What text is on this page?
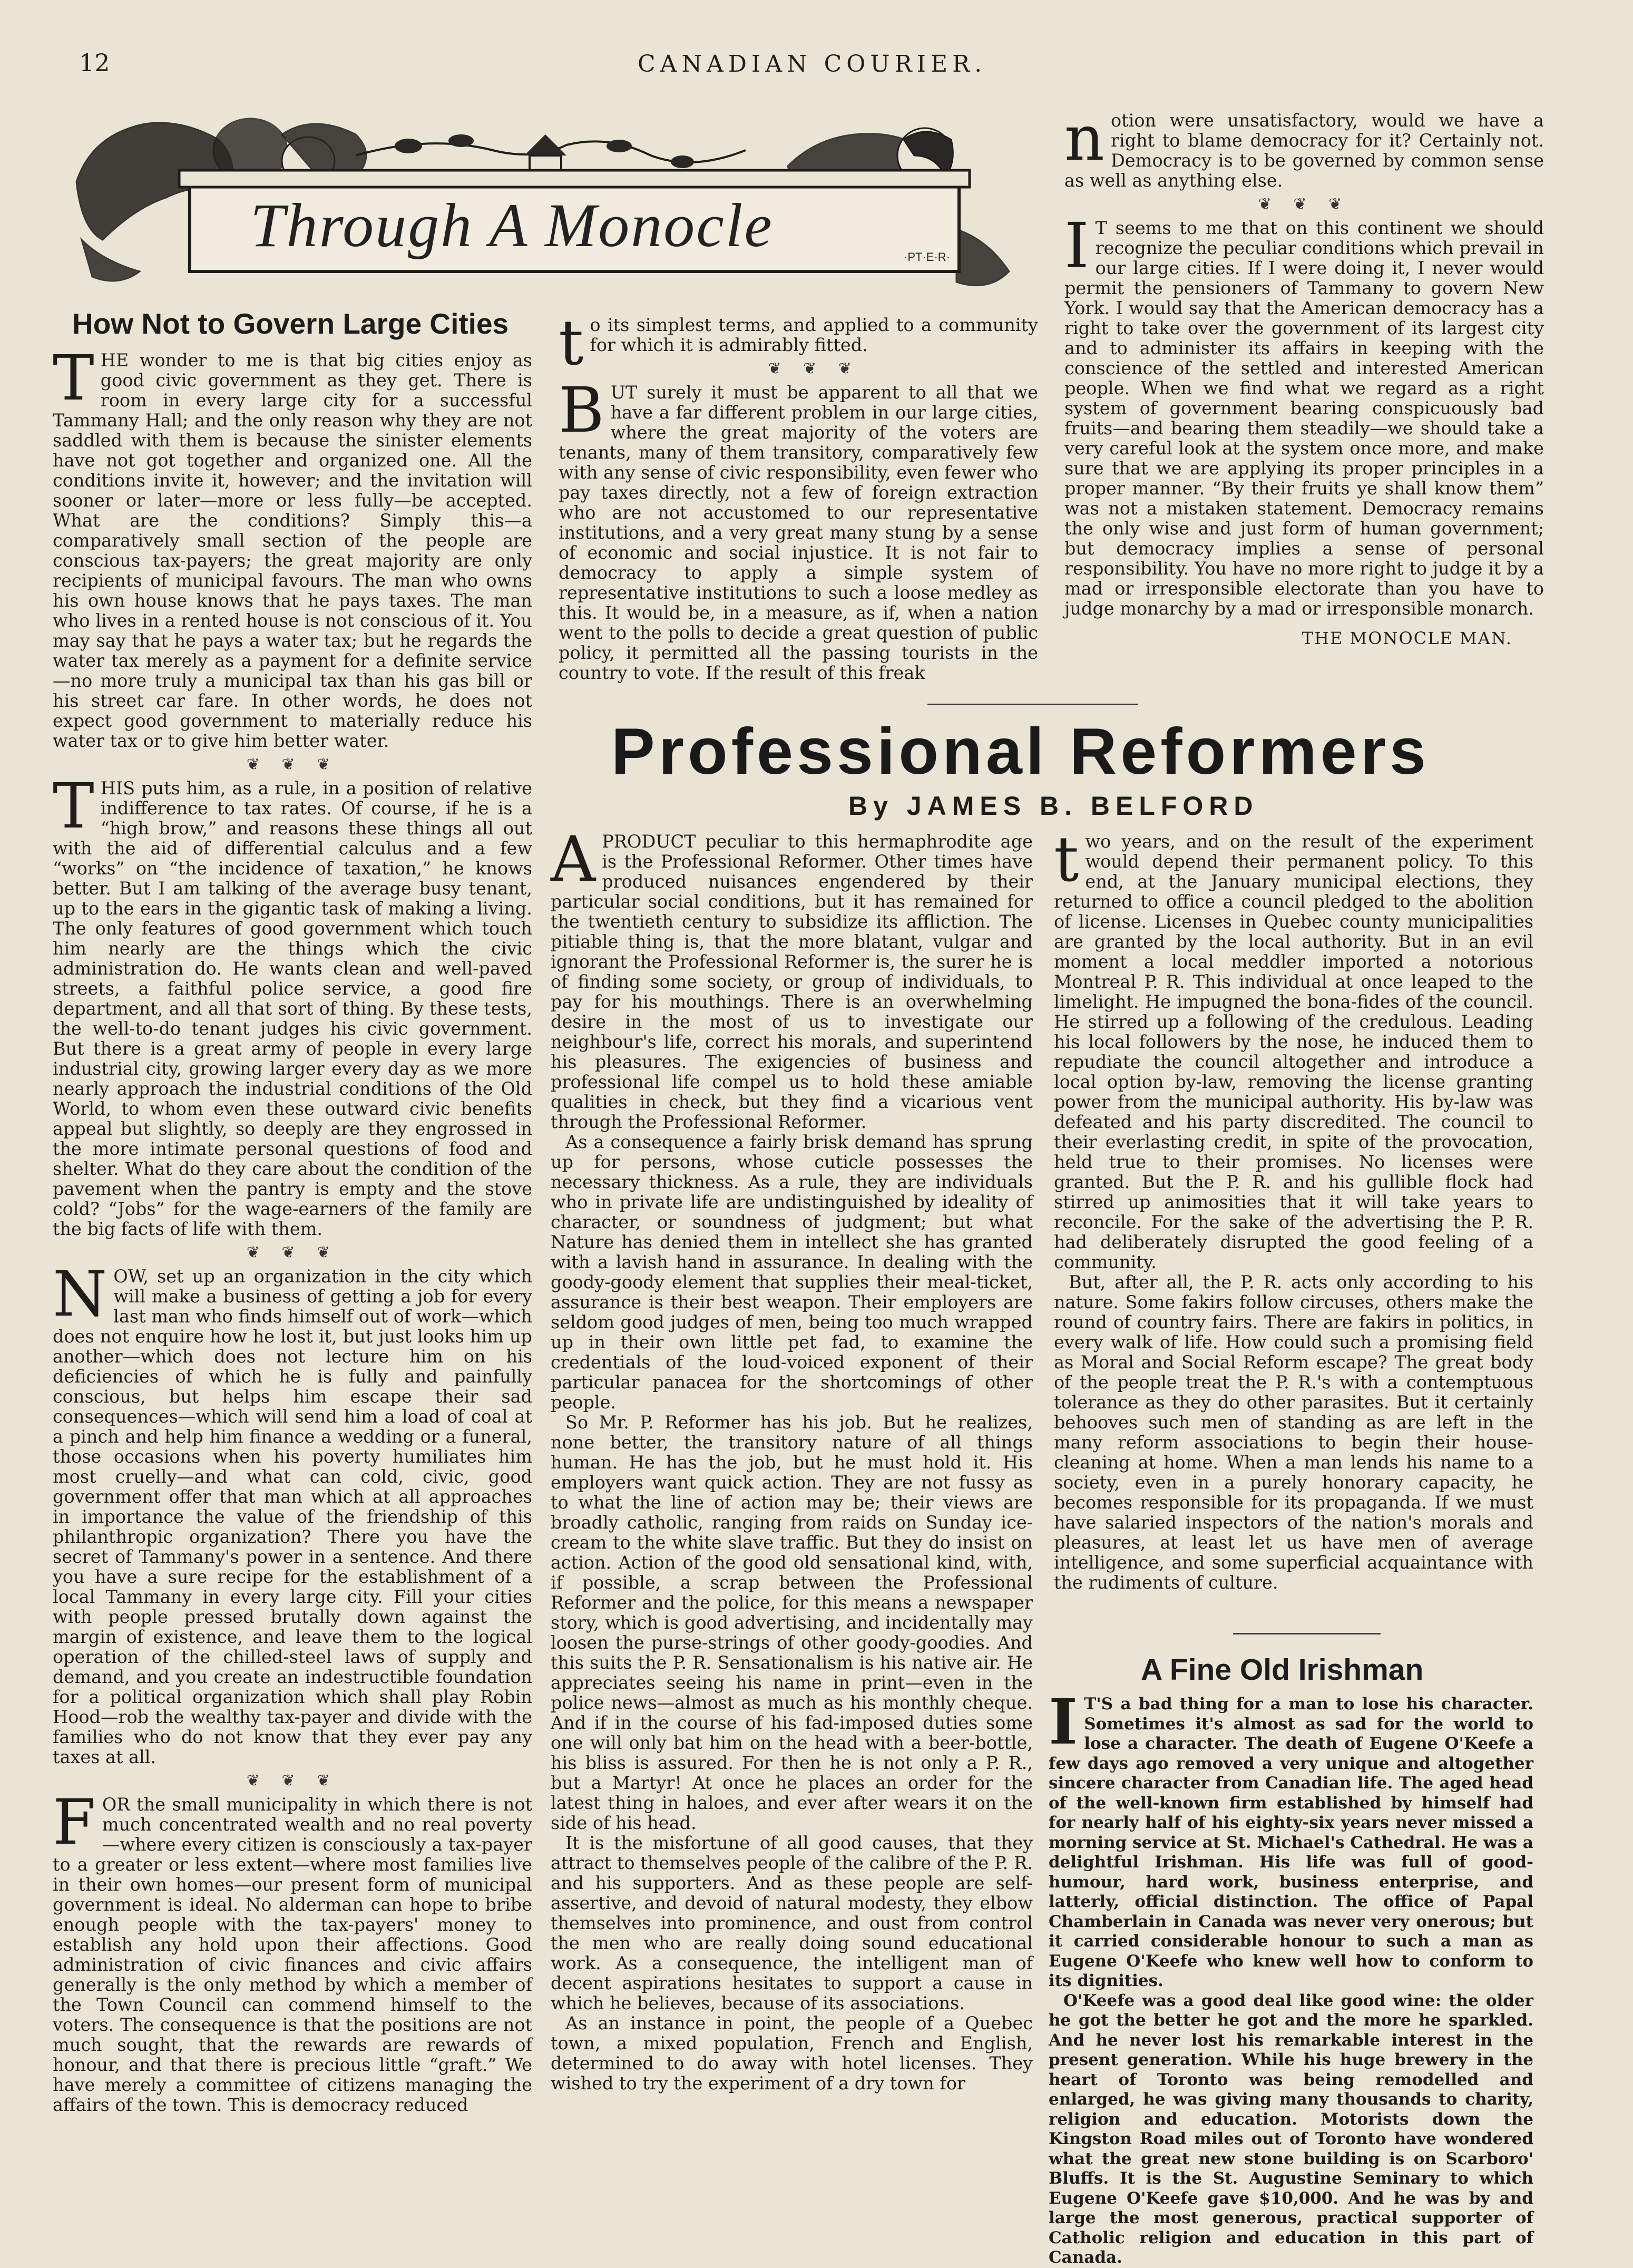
12	CANADIAN COURIER.
·PT·E·R·
Through A Monocle
How Not to Govern Large Cities

THE wonder to me is that big cities enjoy as good civic government as they get. There is room in every large city for a successful Tammany Hall; and the only reason why they are not saddled with them is because the sinister elements have not got together and organized one. All the conditions invite it, however; and the invitation will sooner or later—more or less fully—be accepted. What are the conditions? Simply this—a comparatively small section of the people are conscious tax-payers; the great majority are only recipients of municipal favours. The man who owns his own house knows that he pays taxes. The man who lives in a rented house is not conscious of it. You may say that he pays a water tax; but he regards the water tax merely as a payment for a definite service—no more truly a municipal tax than his gas bill or his street car fare. In other words, he does not expect good government to materially reduce his water tax or to give him better water.

❦ ❦ ❦

THIS puts him, as a rule, in a position of relative indifference to tax rates. Of course, if he is a “high brow,” and reasons these things all out with the aid of differential calculus and a few “works” on “the incidence of taxation,” he knows better. But I am talking of the average busy tenant, up to the ears in the gigantic task of making a living. The only features of good government which touch him nearly are the things which the civic administration do. He wants clean and well-paved streets, a faithful police service, a good fire department, and all that sort of thing. By these tests, the well-to-do tenant judges his civic government. But there is a great army of people in every large industrial city, growing larger every day as we more nearly approach the industrial conditions of the Old World, to whom even these outward civic benefits appeal but slightly, so deeply are they engrossed in the more intimate personal questions of food and shelter. What do they care about the condition of the pavement when the pantry is empty and the stove cold? “Jobs” for the wage-earners of the family are the big facts of life with them.

❦ ❦ ❦

NOW, set up an organization in the city which will make a business of getting a job for every last man who finds himself out of work—which does not enquire how he lost it, but just looks him up another—which does not lecture him on his deficiencies of which he is fully and painfully conscious, but helps him escape their sad consequences—which will send him a load of coal at a pinch and help him finance a wedding or a funeral, those occasions when his poverty humiliates him most cruelly—and what can cold, civic, good government offer that man which at all approaches in importance the value of the friendship of this philanthropic organization? There you have the secret of Tammany's power in a sentence. And there you have a sure recipe for the establishment of a local Tammany in every large city. Fill your cities with people pressed brutally down against the margin of existence, and leave them to the logical operation of the chilled-steel laws of supply and demand, and you create an indestructible foundation for a political organization which shall play Robin Hood—rob the wealthy tax-payer and divide with the families who do not know that they ever pay any taxes at all.

❦ ❦ ❦

FOR the small municipality in which there is not much concentrated wealth and no real poverty—where every citizen is consciously a tax-payer to a greater or less extent—where most families live in their own homes—our present form of municipal government is ideal. No alderman can hope to bribe enough people with the tax-payers' money to establish any hold upon their affections. Good administration of civic finances and civic affairs generally is the only method by which a member of the Town Council can commend himself to the voters. The consequence is that the positions are not much sought, that the rewards are rewards of honour, and that there is precious little “graft.” We have merely a committee of citizens managing the affairs of the town. This is democracy reduced

to its simplest terms, and applied to a community for which it is admirably fitted.

❦ ❦ ❦

BUT surely it must be apparent to all that we have a far different problem in our large cities, where the great majority of the voters are tenants, many of them transitory, comparatively few with any sense of civic responsibility, even fewer who pay taxes directly, not a few of foreign extraction who are not accustomed to our representative institutions, and a very great many stung by a sense of economic and social injustice. It is not fair to democracy to apply a simple system of representative institutions to such a loose medley as this. It would be, in a measure, as if, when a nation went to the polls to decide a great question of public policy, it permitted all the passing tourists in the country to vote. If the result of this freak

notion were unsatisfactory, would we have a right to blame democracy for it? Certainly not. Democracy is to be governed by common sense as well as anything else.

❦ ❦ ❦

IT seems to me that on this continent we should recognize the peculiar conditions which prevail in our large cities. If I were doing it, I never would permit the pensioners of Tammany to govern New York. I would say that the American democracy has a right to take over the government of its largest city and to administer its affairs in keeping with the conscience of the settled and interested American people. When we find what we regard as a right system of government bearing conspicuously bad fruits—and bearing them steadily—we should take a very careful look at the system once more, and make sure that we are applying its proper principles in a proper manner. “By their fruits ye shall know them” was not a mistaken statement. Democracy remains the only wise and just form of human government; but democracy implies a sense of personal responsibility. You have no more right to judge it by a mad or irresponsible electorate than you have to judge monarchy by a mad or irresponsible monarch.

THE MONOCLE MAN.
Professional Reformers
By JAMES B. BELFORD

APRODUCT peculiar to this hermaphrodite age is the Professional Reformer. Other times have produced nuisances engendered by their particular social conditions, but it has remained for the twentieth century to subsidize its affliction. The pitiable thing is, that the more blatant, vulgar and ignorant the Professional Reformer is, the surer he is of finding some society, or group of individuals, to pay for his mouthings. There is an overwhelming desire in the most of us to investigate our neighbour's life, correct his morals, and superintend his pleasures. The exigencies of business and professional life compel us to hold these amiable qualities in check, but they find a vicarious vent through the Professional Reformer.

As a consequence a fairly brisk demand has sprung up for persons, whose cuticle possesses the necessary thickness. As a rule, they are individuals who in private life are undistinguished by ideality of character, or soundness of judgment; but what Nature has denied them in intellect she has granted with a lavish hand in assurance. In dealing with the goody-goody element that supplies their meal-ticket, assurance is their best weapon. Their employers are seldom good judges of men, being too much wrapped up in their own little pet fad, to examine the credentials of the loud-voiced exponent of their particular panacea for the shortcomings of other people.

So Mr. P. Reformer has his job. But he realizes, none better, the transitory nature of all things human. He has the job, but he must hold it. His employers want quick action. They are not fussy as to what the line of action may be; their views are broadly catholic, ranging from raids on Sunday ice-cream to the white slave traffic. But they do insist on action. Action of the good old sensational kind, with, if possible, a scrap between the Professional Reformer and the police, for this means a newspaper story, which is good advertising, and incidentally may loosen the purse-strings of other goody-goodies. And this suits the P. R. Sensationalism is his native air. He appreciates seeing his name in print—even in the police news—almost as much as his monthly cheque. And if in the course of his fad-imposed duties some one will only bat him on the head with a beer-bottle, his bliss is assured. For then he is not only a P. R., but a Martyr! At once he places an order for the latest thing in haloes, and ever after wears it on the side of his head.

It is the misfortune of all good causes, that they attract to themselves people of the calibre of the P. R. and his supporters. And as these people are self-assertive, and devoid of natural modesty, they elbow themselves into prominence, and oust from control the men who are really doing sound educational work. As a consequence, the intelligent man of decent aspirations hesitates to support a cause in which he believes, because of its associations.

As an instance in point, the people of a Quebec town, a mixed population, French and English, determined to do away with hotel licenses. They wished to try the experiment of a dry town for

two years, and on the result of the experiment would depend their permanent policy. To this end, at the January municipal elections, they returned to office a council pledged to the abolition of license. Licenses in Quebec county municipalities are granted by the local authority. But in an evil moment a local meddler imported a notorious Montreal P. R. This individual at once leaped to the limelight. He impugned the bona-fides of the council. He stirred up a following of the credulous. Leading his local followers by the nose, he induced them to repudiate the council altogether and introduce a local option by-law, removing the license granting power from the municipal authority. His by-law was defeated and his party discredited. The council to their everlasting credit, in spite of the provocation, held true to their promises. No licenses were granted. But the P. R. and his gullible flock had stirred up animosities that it will take years to reconcile. For the sake of the advertising the P. R. had deliberately disrupted the good feeling of a community.

But, after all, the P. R. acts only according to his nature. Some fakirs follow circuses, others make the round of country fairs. There are fakirs in politics, in every walk of life. How could such a promising field as Moral and Social Reform escape? The great body of the people treat the P. R.'s with a contemptuous tolerance as they do other parasites. But it certainly behooves such men of standing as are left in the many reform associations to begin their house-cleaning at home. When a man lends his name to a society, even in a purely honorary capacity, he becomes responsible for its propaganda. If we must have salaried inspectors of the nation's morals and pleasures, at least let us have men of average intelligence, and some superficial acquaintance with the rudiments of culture.

A Fine Old Irishman

IT'S a bad thing for a man to lose his character. Sometimes it's almost as sad for the world to lose a character. The death of Eugene O'Keefe a few days ago removed a very unique and altogether sincere character from Canadian life. The aged head of the well-known firm established by himself had for nearly half of his eighty-six years never missed a morning service at St. Michael's Cathedral. He was a delightful Irishman. His life was full of good-humour, hard work, business enterprise, and latterly, official distinction. The office of Papal Chamberlain in Canada was never very onerous; but it carried considerable honour to such a man as Eugene O'Keefe who knew well how to conform to its dignities.

O'Keefe was a good deal like good wine: the older he got the better he got and the more he sparkled. And he never lost his remarkable interest in the present generation. While his huge brewery in the heart of Toronto was being remodelled and enlarged, he was giving many thousands to charity, religion and education. Motorists down the Kingston Road miles out of Toronto have wondered what the great new stone building is on Scarboro' Bluffs. It is the St. Augustine Seminary to which Eugene O'Keefe gave $10,000. And he was by and large the most generous, practical supporter of Catholic religion and education in this part of Canada.
